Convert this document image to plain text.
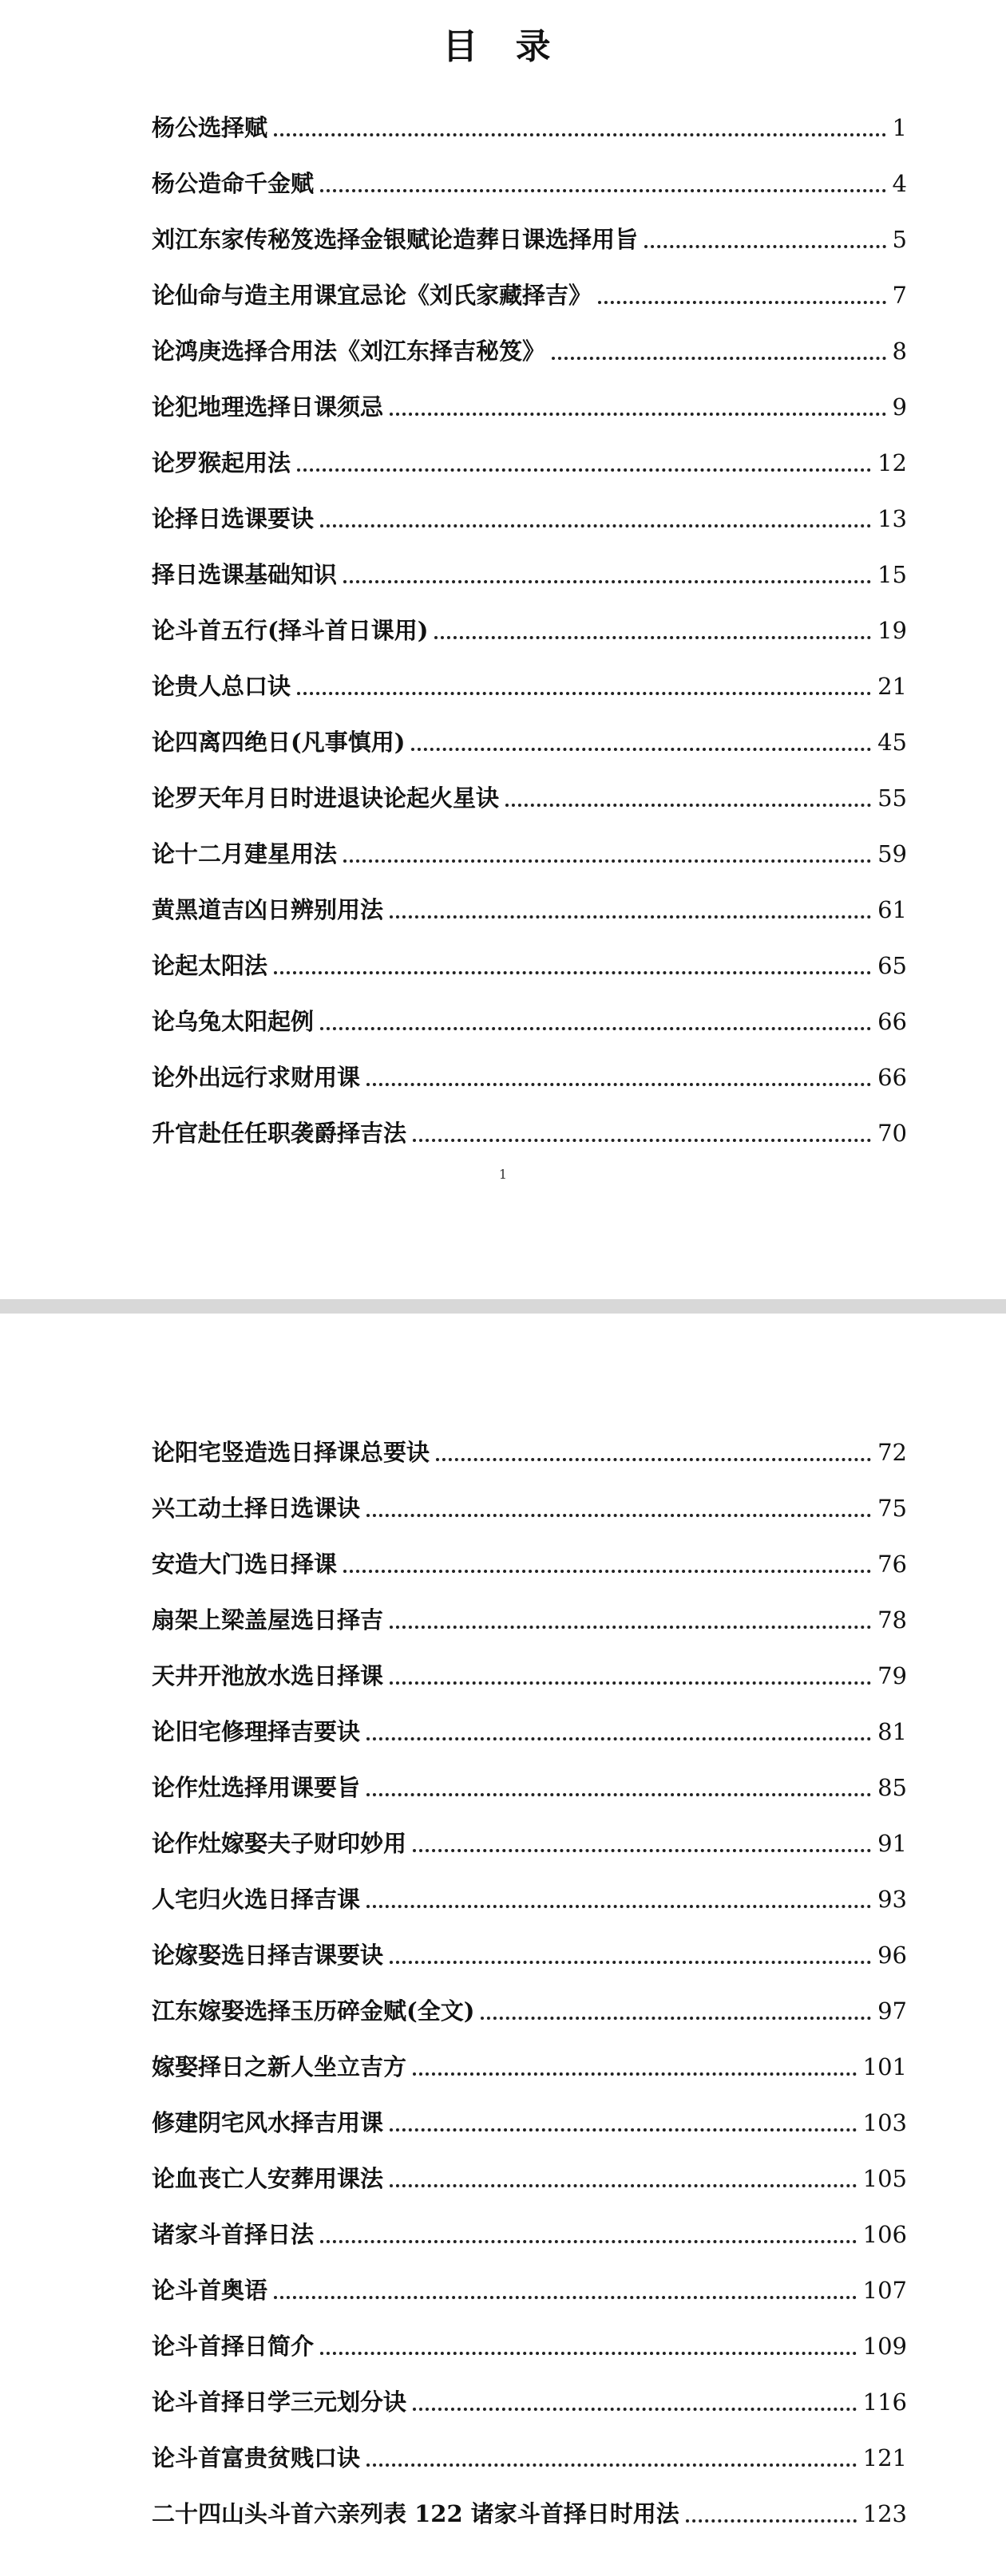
目 录
1
杨公选择赋	1
杨公造命千金赋	4
刘江东家传秘笈选择金银赋论造葬日课选择用旨	5
论仙命与造主用课宜忌论《刘氏家藏择吉》	7
论鸿庚选择合用法《刘江东择吉秘笈》	8
论犯地理选择日课须忌	9
论罗猴起用法	12
论择日选课要诀	13
择日选课基础知识	15
论斗首五行(择斗首日课用)	19
论贵人总口诀	21
论四离四绝日(凡事慎用)	45
论罗天年月日时进退诀论起火星诀	55
论十二月建星用法	59
黄黑道吉凶日辨别用法	61
论起太阳法	65
论乌兔太阳起例	66
论外出远行求财用课	66
升官赴任任职袭爵择吉法	70
论阳宅竖造选日择课总要诀	72
兴工动土择日选课诀	75
安造大门选日择课	76
扇架上梁盖屋选日择吉	78
天井开池放水选日择课	79
论旧宅修理择吉要诀	81
论作灶选择用课要旨	85
论作灶嫁娶夫子财印妙用	91
人宅归火选日择吉课	93
论嫁娶选日择吉课要诀	96
江东嫁娶选择玉历碎金赋(全文)	97
嫁娶择日之新人坐立吉方	101
修建阴宅风水择吉用课	103
论血丧亡人安葬用课法	105
诸家斗首择日法	106
论斗首奥语	107
论斗首择日简介	109
论斗首择日学三元划分诀	116
论斗首富贵贫贱口诀	121
二十四山头斗首六亲列表 122 诸家斗首择日时用法	123
